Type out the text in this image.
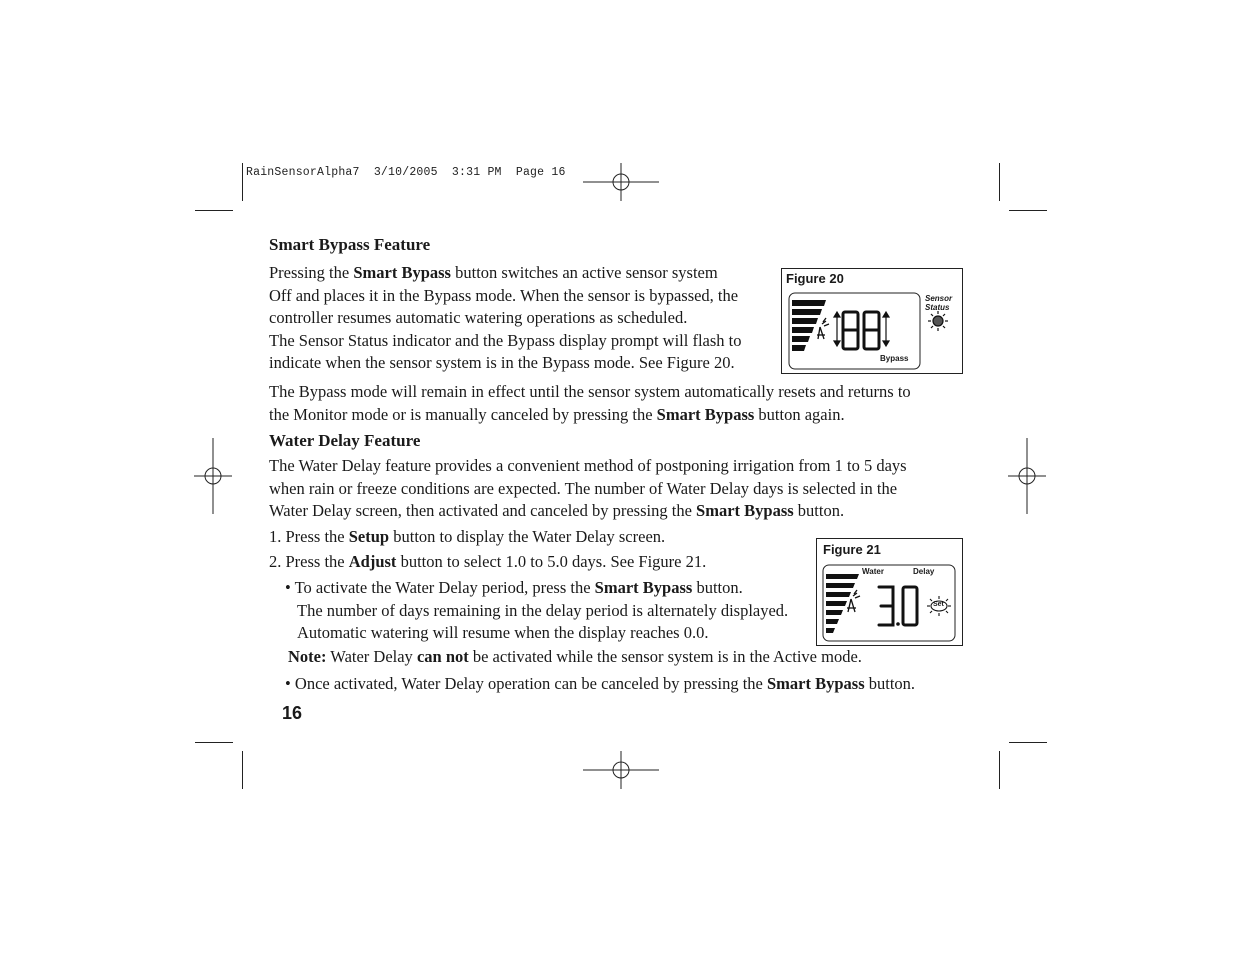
RainSensorAlpha7  3/10/2005  3:31 PM  Page 16
Smart Bypass Feature
Pressing the Smart Bypass button switches an active sensor system
Off and places it in the Bypass mode. When the sensor is bypassed, the
controller resumes automatic watering operations as scheduled.
The Sensor Status indicator and the Bypass display prompt will flash to
indicate when the sensor system is in the Bypass mode. See Figure 20.
The Bypass mode will remain in effect until the sensor system automatically resets and returns to
the Monitor mode or is manually canceled by pressing the Smart Bypass button again.
Figure 20
Sensor
Status
Bypass
Water Delay Feature
The Water Delay feature provides a convenient method of postponing irrigation from 1 to 5 days
when rain or freeze conditions are expected. The number of Water Delay days is selected in the
Water Delay screen, then activated and canceled by pressing the Smart Bypass button.
1. Press the Setup button to display the Water Delay screen.
2. Press the Adjust button to select 1.0 to 5.0 days. See Figure 21.
• To activate the Water Delay period, press the Smart Bypass button.
The number of days remaining in the delay period is alternately displayed.
Automatic watering will resume when the display reaches 0.0.
Note: Water Delay can not be activated while the sensor system is in the Active mode.
• Once activated, Water Delay operation can be canceled by pressing the Smart Bypass button.
Figure 21
Water	Delay
Set
16
